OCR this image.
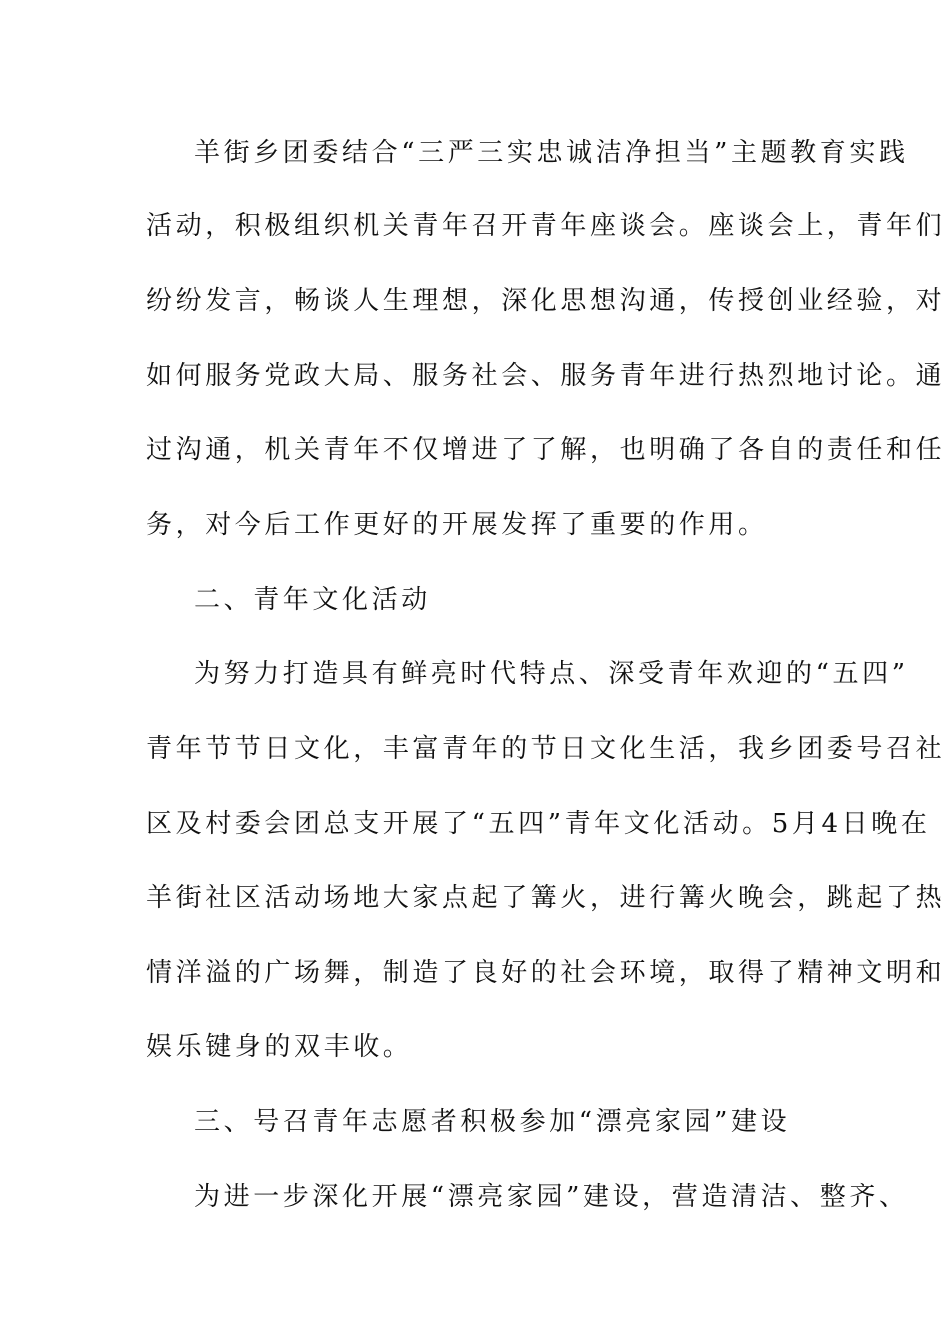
羊街乡团委结合“三严三实忠诚洁净担当”主题教育实践
活动，积极组织机关青年召开青年座谈会。座谈会上，青年们
纷纷发言，畅谈人生理想，深化思想沟通，传授创业经验，对
如何服务党政大局、服务社会、服务青年进行热烈地讨论。通
过沟通，机关青年不仅增进了了解，也明确了各自的责任和任
务，对今后工作更好的开展发挥了重要的作用。
二、青年文化活动
为努力打造具有鲜亮时代特点、深受青年欢迎的“五四”
青年节节日文化，丰富青年的节日文化生活，我乡团委号召社
区及村委会团总支开展了“五四”青年文化活动。5月4日晚在
羊街社区活动场地大家点起了篝火，进行篝火晚会，跳起了热
情洋溢的广场舞，制造了良好的社会环境，取得了精神文明和
娱乐键身的双丰收。
三、号召青年志愿者积极参加“漂亮家园”建设
为进一步深化开展“漂亮家园”建设，营造清洁、整齐、
